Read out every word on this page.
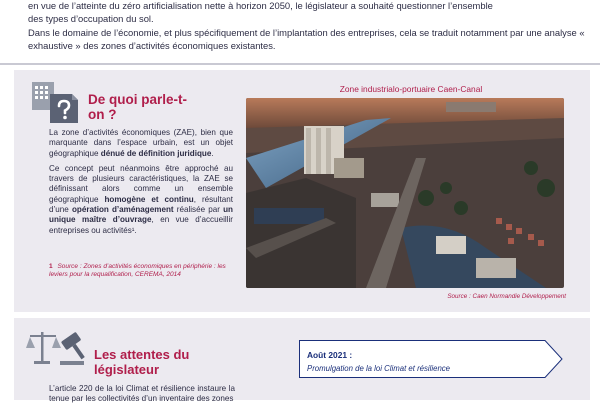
en vue de l’atteinte du zéro artificialisation nette à horizon 2050, le législateur a souhaité questionner l’ensemble
des types d’occupation du sol.

Dans le domaine de l’économie, et plus spécifiquement de l’implantation des entreprises, cela se traduit notamment par une analyse « exhaustive » des zones d’activités économiques existantes.

De quoi parle-t-on ?

La zone d’activités économiques (ZAE), bien que marquante dans l’espace urbain, est un objet géographique dénué de définition juridique.

Ce concept peut néanmoins être approché au travers de plusieurs caractéristiques, la ZAE se définissant alors comme un ensemble géographique homogène et continu, résultant d’une opération d’aménagement réalisée par un unique maître d’ouvrage, en vue d’accueillir entreprises ou activités¹.

1 Source : Zones d’activités économiques en périphérie : les leviers pour la requalification, CEREMA, 2014
Zone industrialo-portuaire Caen-Canal
Source : Caen Normandie Développement
Les attentes du législateur
L’article 220 de la loi Climat et résilience instaure la tenue par les collectivités d’un inventaire des zones
Août 2021 :
Promulgation de la loi Climat et résilience
